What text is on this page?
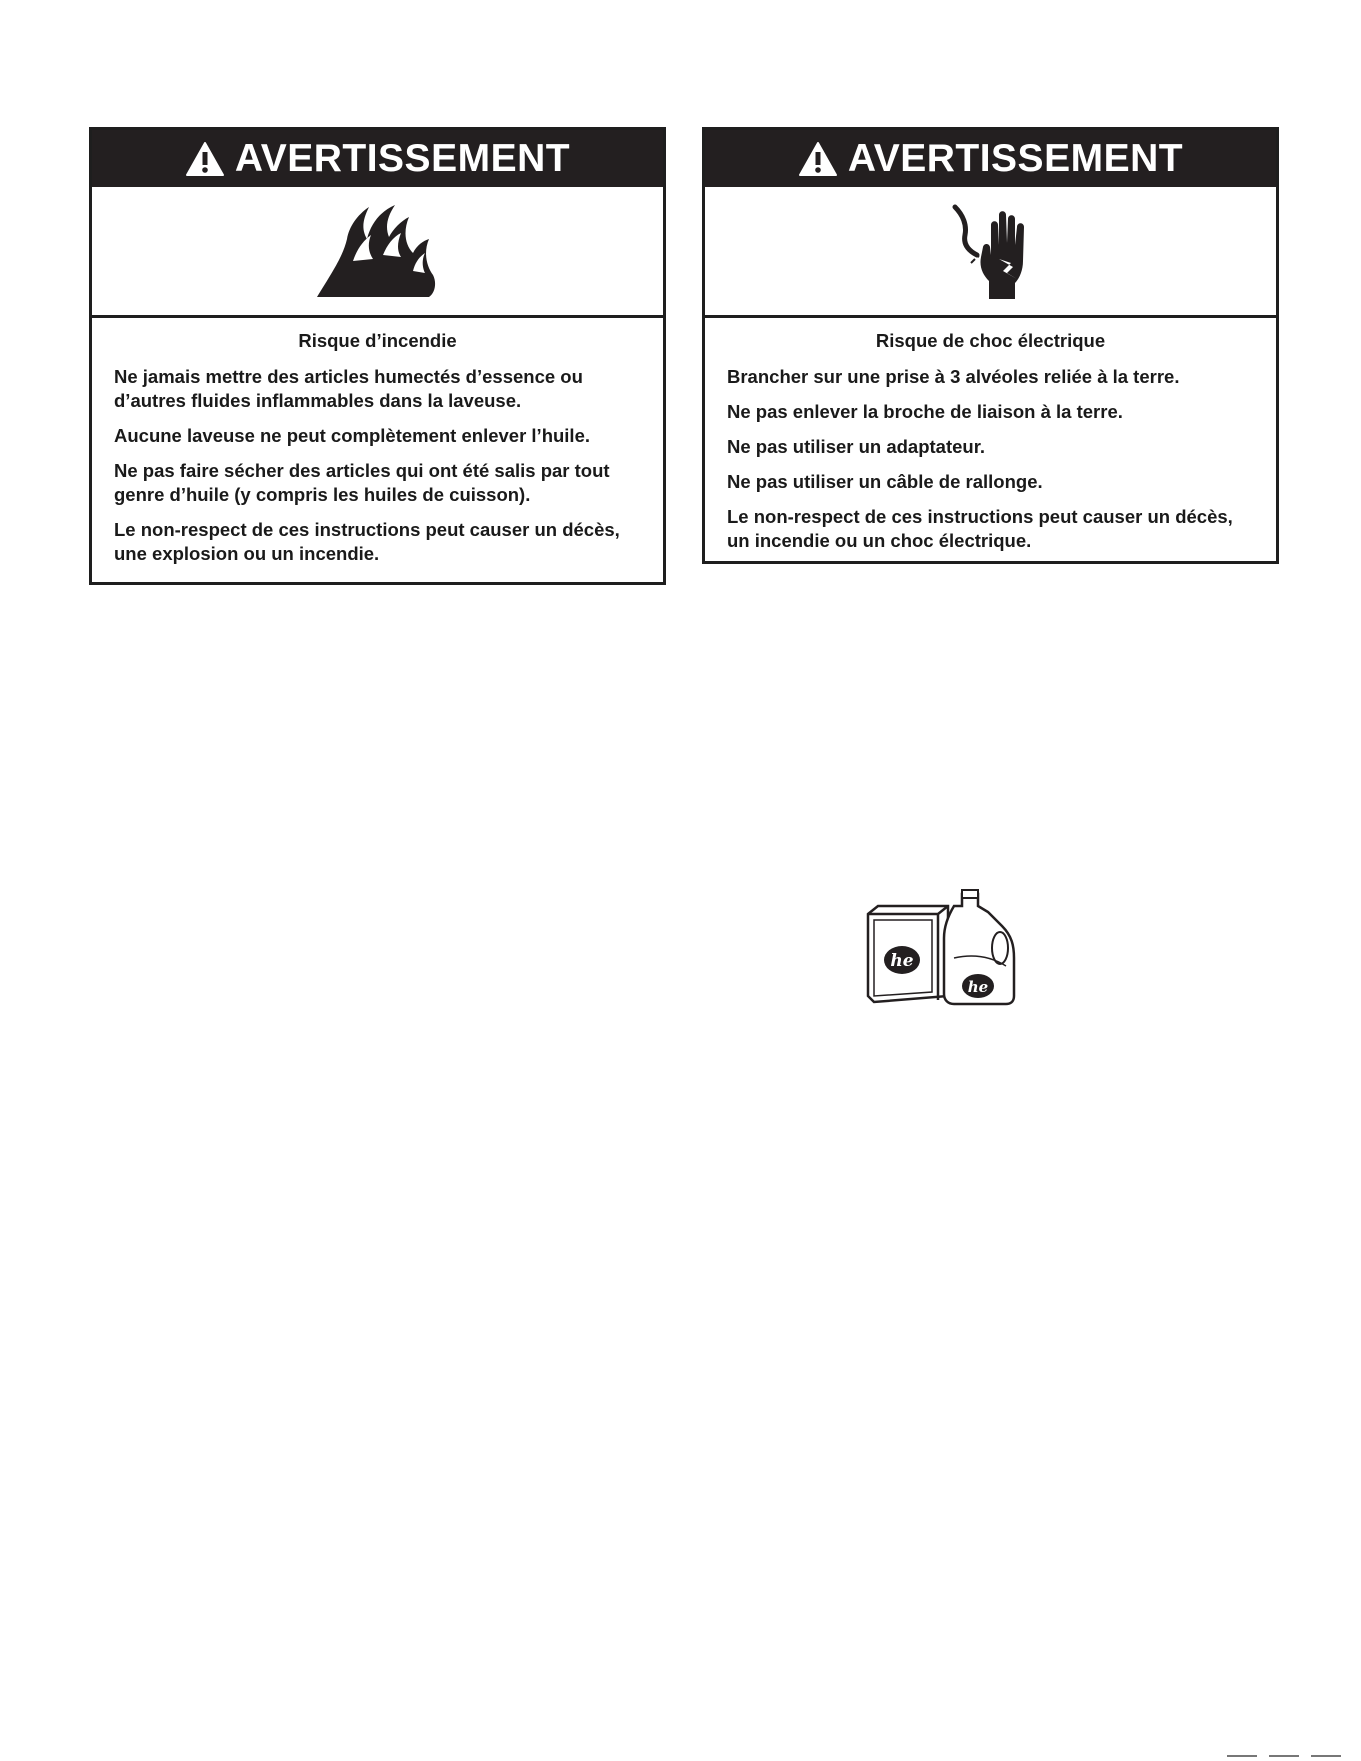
AVERTISSEMENT
Risque d’incendie
Ne jamais mettre des articles humectés d’essence ou d’autres fluides inflammables dans la laveuse.
Aucune laveuse ne peut complètement enlever l’huile.
Ne pas faire sécher des articles qui ont été salis par tout genre d’huile (y compris les huiles de cuisson).
Le non-respect de ces instructions peut causer un décès, une explosion ou un incendie.
AVERTISSEMENT
Risque de choc électrique
Brancher sur une prise à 3 alvéoles reliée à la terre.
Ne pas enlever la broche de liaison à la terre.
Ne pas utiliser un adaptateur.
Ne pas utiliser un câble de rallonge.
Le non-respect de ces instructions peut causer un décès, un incendie ou un choc électrique.
he
he
